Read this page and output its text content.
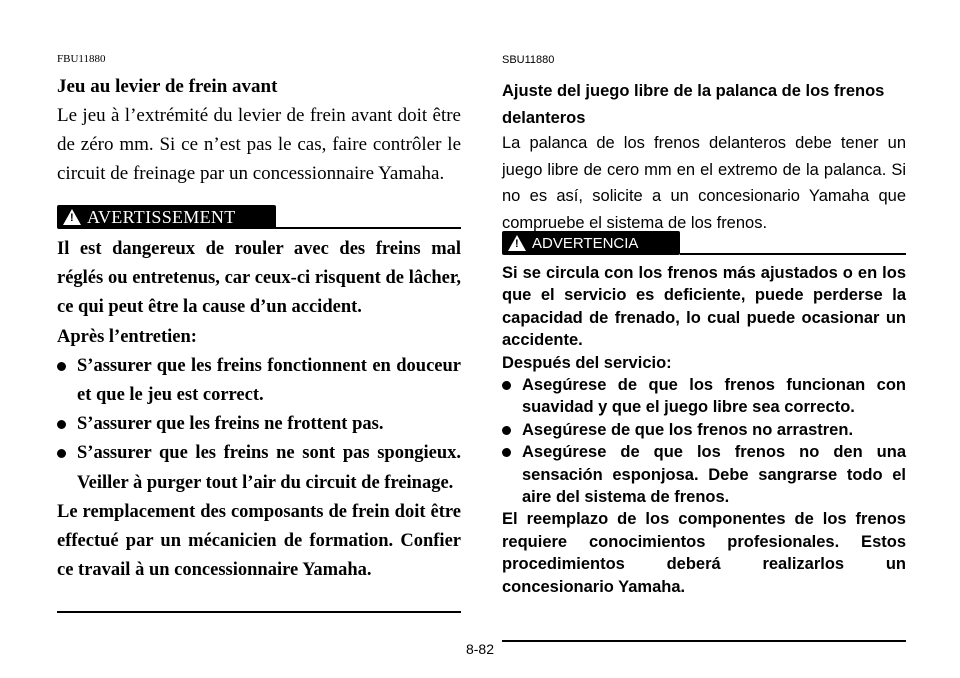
FBU11880
Jeu au levier de frein avant
Le jeu à l’extrémité du levier de frein avant doit être de zéro mm. Si ce n’est pas le cas, faire contrôler le circuit de freinage par un concessionnaire Yamaha.
! AVERTISSEMENT

Il est dangereux de rouler avec des freins mal réglés ou entretenus, car ceux-ci risquent de lâcher, ce qui peut être la cause d’un accident.

Après l’entretien:

S’assurer que les freins fonctionnent en douceur et que le jeu est correct.

S’assurer que les freins ne frottent pas.

S’assurer que les freins ne sont pas spongieux. Veiller à purger tout l’air du circuit de freinage.

Le remplacement des composants de frein doit être effectué par un mécanicien de formation. Confier ce travail à un concessionnaire Yamaha.

SBU11880
Ajuste del juego libre de la palanca de los frenos delanteros
La palanca de los frenos delanteros debe tener un juego libre de cero mm en el extremo de la palanca. Si no es así, solicite a un concesionario Yamaha que compruebe el sistema de los frenos.
! ADVERTENCIA

Si se circula con los frenos más ajustados o en los que el servicio es deficiente, puede perderse la capacidad de frenado, lo cual puede ocasionar un accidente.

Después del servicio:

Asegúrese de que los frenos funcionan con suavidad y que el juego libre sea correcto.

Asegúrese de que los frenos no arrastren.

Asegúrese de que los frenos no den una sensación esponjosa. Debe sangrarse todo el aire del sistema de frenos.

El reemplazo de los componentes de los frenos requiere conocimientos profesionales. Estos procedimientos deberá realizarlos un concesionario Yamaha.

8-82
